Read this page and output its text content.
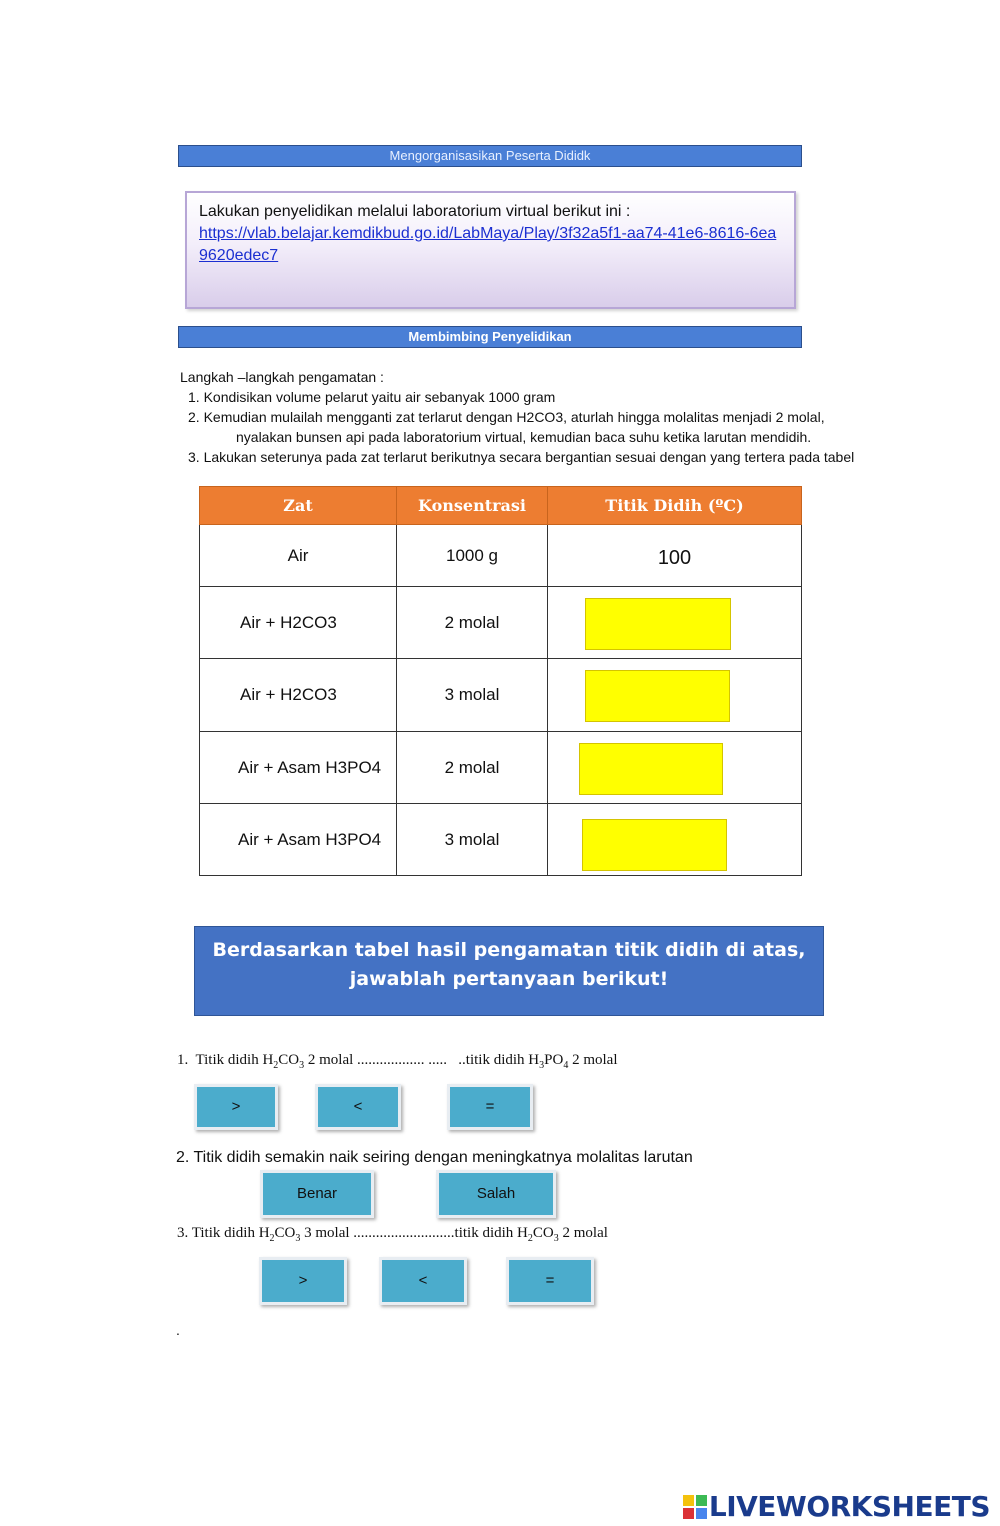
Mengorganisasikan Peserta Dididk
Lakukan penyelidikan melalui laboratorium virtual berikut ini :
https://vlab.belajar.kemdikbud.go.id/LabMaya/Play/3f32a5f1-aa74-41e6-8616-6ea9620edec7
Membimbing Penyelidikan
Langkah –langkah pengamatan :
1. Kondisikan volume pelarut yaitu air sebanyak 1000 gram
2. Kemudian mulailah mengganti zat terlarut dengan H2CO3, aturlah hingga molalitas menjadi 2 molal,
nyalakan bunsen api pada laboratorium virtual, kemudian baca suhu ketika larutan mendidih.
3. Lakukan seterunya pada zat terlarut berikutnya secara bergantian sesuai dengan yang tertera pada tabel
Zat	Konsentrasi	Titik Didih (ºC)
Air	1000 g	100
Air + H2CO3	2 molal	

Air + H2CO3	3 molal	

Air + Asam H3PO4	2 molal	

Air + Asam H3PO4	3 molal	
Berdasarkan tabel hasil pengamatan titik didih di atas,
jawablah pertanyaan berikut!
1. Titik didih $H_2CO_3$ 2 molal .................. .....   ..titik didih $H_3PO_4$ 2 molal
>	<	=
2. Titik didih semakin naik seiring dengan meningkatnya molalitas larutan
Benar	Salah
3. Titik didih $H_2CO_3$ 3 molal ...........................titik didih $H_2CO_3$ 2 molal
>	<	=
.
LIVEWORKSHEETS
